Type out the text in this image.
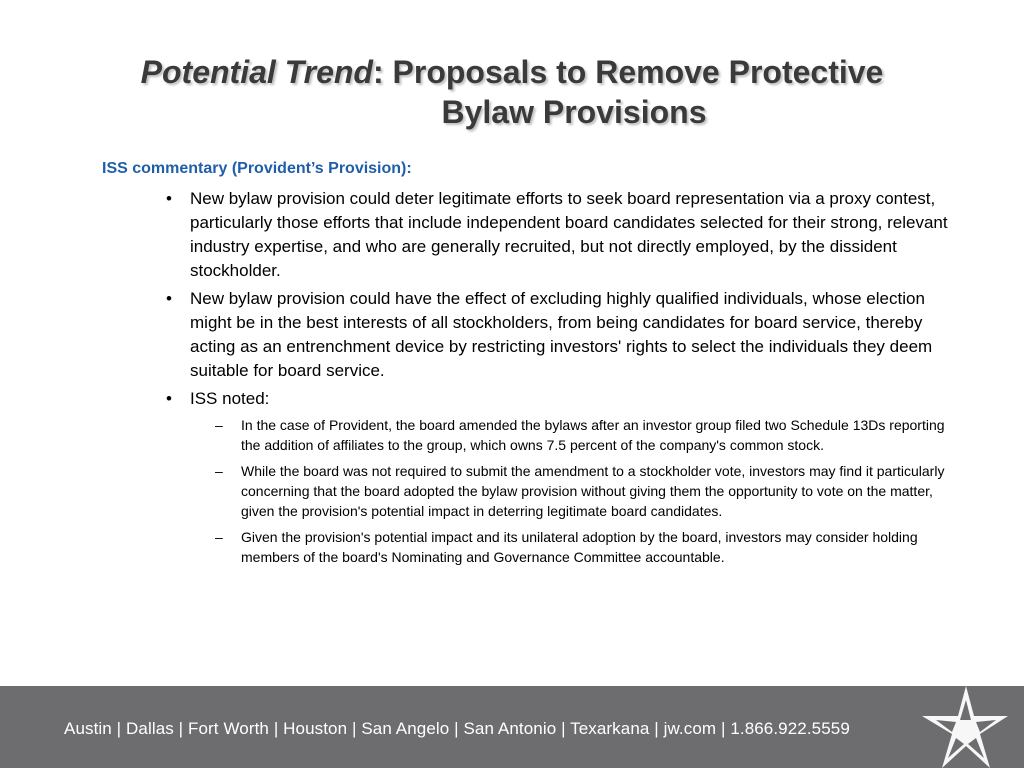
Potential Trend: Proposals to Remove Protective
Bylaw Provisions
ISS commentary (Provident’s Provision):
• New bylaw provision could deter legitimate efforts to seek board representation via a proxy contest, particularly those efforts that include independent board candidates selected for their strong, relevant industry expertise, and who are generally recruited, but not directly employed, by the dissident stockholder.
• New bylaw provision could have the effect of excluding highly qualified individuals, whose election might be in the best interests of all stockholders, from being candidates for board service, thereby acting as an entrenchment device by restricting investors' rights to select the individuals they deem suitable for board service.
• ISS noted:
– In the case of Provident, the board amended the bylaws after an investor group filed two Schedule 13Ds reporting the addition of affiliates to the group, which owns 7.5 percent of the company's common stock.
– While the board was not required to submit the amendment to a stockholder vote, investors may find it particularly concerning that the board adopted the bylaw provision without giving them the opportunity to vote on the matter, given the provision's potential impact in deterring legitimate board candidates.
– Given the provision's potential impact and its unilateral adoption by the board, investors may consider holding members of the board's Nominating and Governance Committee accountable.
Austin | Dallas | Fort Worth | Houston | San Angelo | San Antonio | Texarkana | jw.com | 1.866.922.5559
